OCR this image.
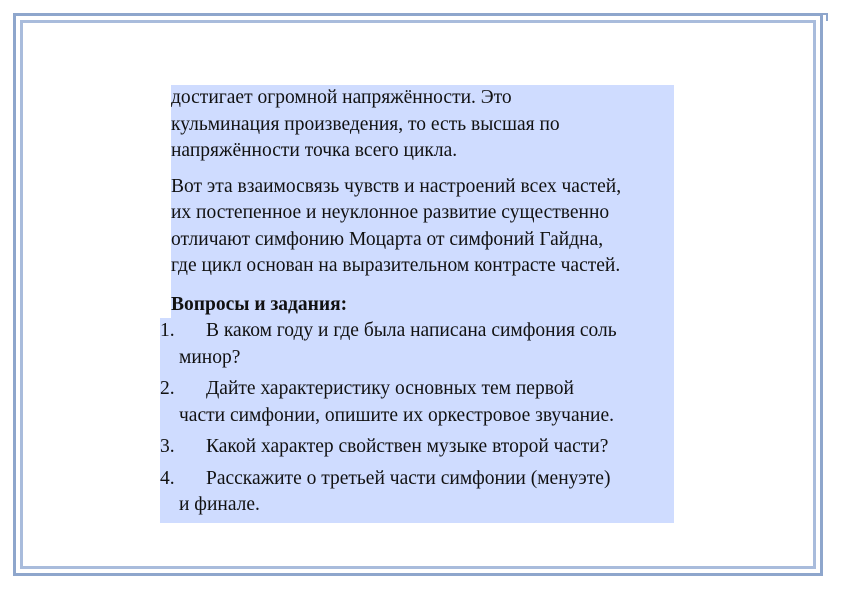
достигает огромной напряжённости. Это
кульминация произведения, то есть высшая по
напряжённости точка всего цикла.

Вот эта взаимосвязь чувств и настроений всех частей,
их постепенное и неуклонное развитие существенно
отличают симфонию Моцарта от симфоний Гайдна,
где цикл основан на выразительном контрасте частей.

Вопросы и задания:

1.	В каком году и где была написана симфония соль
минор?
2.	Дайте характеристику основных тем первой
части симфонии, опишите их оркестровое звучание.
3.	Какой характер свойствен музыке второй части?
4.	Расскажите о третьей части симфонии (менуэте)
и финале.
